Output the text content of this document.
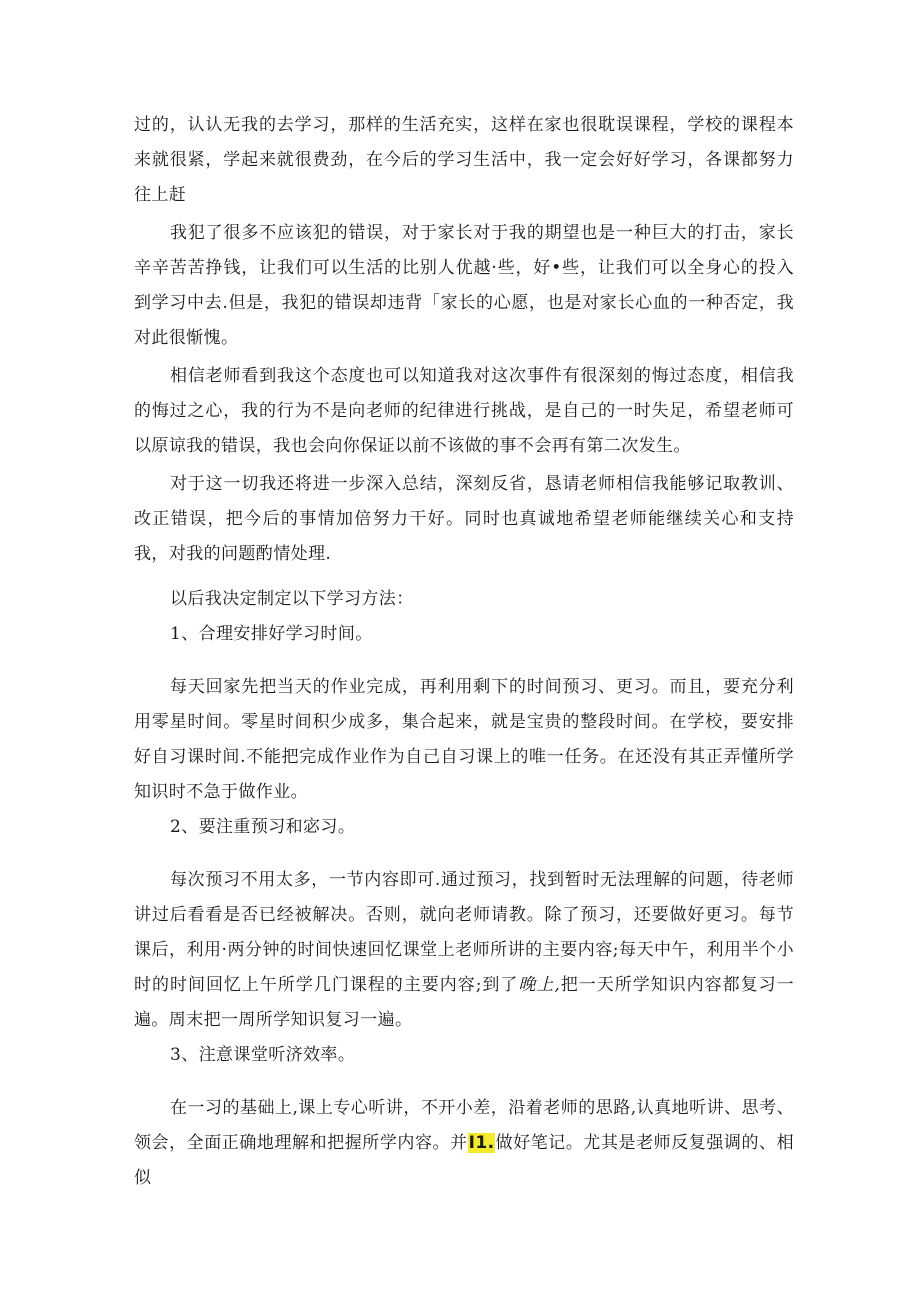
过的，认认无我的去学习，那样的生活充实，这样在家也很耽误课程，学校的课程本来就很紧，学起来就很费劲，在今后的学习生活中，我一定会好好学习，各课都努力往上赶

我犯了很多不应该犯的错误，对于家长对于我的期望也是一种巨大的打击，家长辛辛苦苦挣钱，让我们可以生活的比别人优越·些，好•些，让我们可以全身心的投入到学习中去.但是，我犯的错误却违背「家长的心愿，也是对家长心血的一种否定，我对此很惭愧。

相信老师看到我这个态度也可以知道我对这次事件有很深刻的悔过态度，相信我的悔过之心，我的行为不是向老师的纪律进行挑战，是自己的一时失足，希望老师可以原谅我的错误，我也会向你保证以前不该做的事不会再有第二次发生。

对于这一切我还将进一步深入总结，深刻反省，恳请老师相信我能够记取教训、改正错误，把今后的事情加倍努力干好。同时也真诚地希望老师能继续关心和支持我，对我的问题酌情处理.

以后我决定制定以下学习方法：

1、合理安排好学习时间。

每天回家先把当天的作业完成，再利用剩下的时间预习、更习。而且，要充分利用零星时间。零星时间积少成多，集合起来，就是宝贵的整段时间。在学校，要安排好自习课时间.不能把完成作业作为自己自习课上的唯一任务。在还没有其正弄懂所学知识时不急于做作业。

2、要注重预习和宓习。

每次预习不用太多，一节内容即可.通过预习，找到暂时无法理解的问题，待老师讲过后看看是否已经被解决。否则，就向老师请教。除了预习，还要做好更习。每节课后，利用·两分钟的时间快速回忆课堂上老师所讲的主要内容;每天中午，利用半个小时的时间回忆上午所学几门课程的主要内容;到了晚上,把一天所学知识内容都复习一遍。周末把一周所学知识复习一遍。

3、注意课堂听济效率。

在一习的基础上,课上专心听讲，不开小差，沿着老师的思路,认真地听讲、思考、领会，全面正确地理解和把握所学内容。并I1.做好笔记。尤其是老师反复强调的、相似
